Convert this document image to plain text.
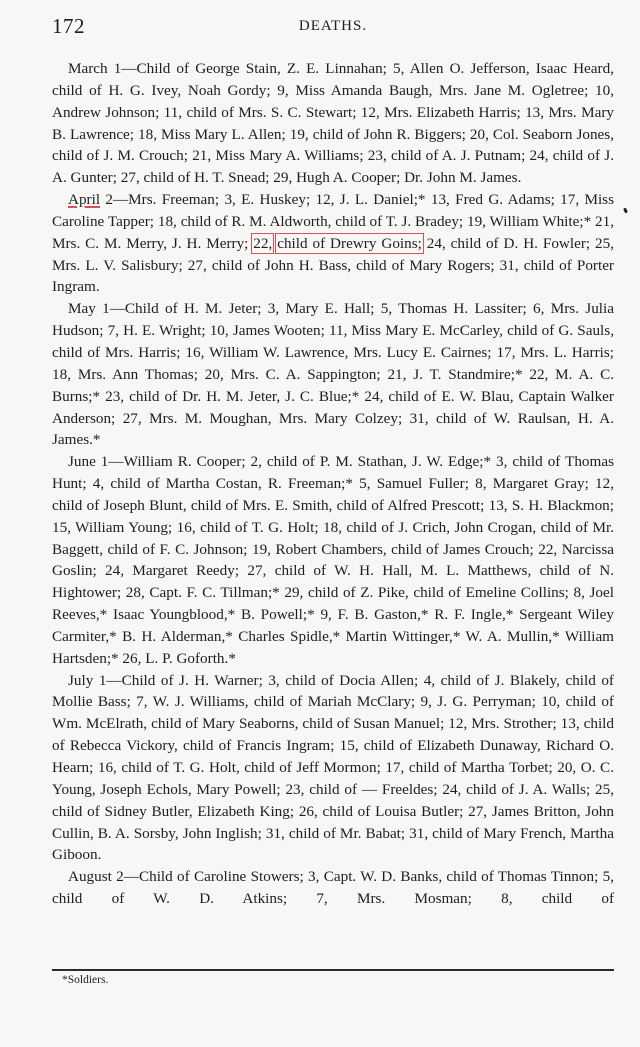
172	DEATHS.

March 1—Child of George Stain, Z. E. Linnahan; 5, Allen O. Jefferson, Isaac Heard, child of H. G. Ivey, Noah Gordy; 9, Miss Amanda Baugh, Mrs. Jane M. Ogletree; 10, Andrew Johnson; 11, child of Mrs. S. C. Stewart; 12, Mrs. Elizabeth Harris; 13, Mrs. Mary B. Lawrence; 18, Miss Mary L. Allen; 19, child of John R. Biggers; 20, Col. Seaborn Jones, child of J. M. Crouch; 21, Miss Mary A. Williams; 23, child of A. J. Putnam; 24, child of J. A. Gunter; 27, child of H. T. Snead; 29, Hugh A. Cooper; Dr. John M. James.

April 2—Mrs. Freeman; 3, E. Huskey; 12, J. L. Daniel;* 13, Fred G. Adams; 17, Miss Caroline Tapper; 18, child of R. M. Aldworth, child of T. J. Bradey; 19, William White;* 21, Mrs. C. M. Merry, J. H. Merry; 22, child of Drewry Goins; 24, child of D. H. Fowler; 25, Mrs. L. V. Salisbury; 27, child of John H. Bass, child of Mary Rogers; 31, child of Porter Ingram.

May 1—Child of H. M. Jeter; 3, Mary E. Hall; 5, Thomas H. Lassiter; 6, Mrs. Julia Hudson; 7, H. E. Wright; 10, James Wooten; 11, Miss Mary E. McCarley, child of G. Sauls, child of Mrs. Harris; 16, William W. Lawrence, Mrs. Lucy E. Cairnes; 17, Mrs. L. Harris; 18, Mrs. Ann Thomas; 20, Mrs. C. A. Sappington; 21, J. T. Standmire;* 22, M. A. C. Burns;* 23, child of Dr. H. M. Jeter, J. C. Blue;* 24, child of E. W. Blau, Captain Walker Anderson; 27, Mrs. M. Moughan, Mrs. Mary Colzey; 31, child of W. Raulsan, H. A. James.*

June 1—William R. Cooper; 2, child of P. M. Stathan, J. W. Edge;* 3, child of Thomas Hunt; 4, child of Martha Costan, R. Freeman;* 5, Samuel Fuller; 8, Margaret Gray; 12, child of Joseph Blunt, child of Mrs. E. Smith, child of Alfred Prescott; 13, S. H. Blackmon; 15, William Young; 16, child of T. G. Holt; 18, child of J. Crich, John Crogan, child of Mr. Baggett, child of F. C. Johnson; 19, Robert Chambers, child of James Crouch; 22, Narcissa Goslin; 24, Margaret Reedy; 27, child of W. H. Hall, M. L. Matthews, child of N. Hightower; 28, Capt. F. C. Tillman;* 29, child of Z. Pike, child of Emeline Collins; 8, Joel Reeves,* Isaac Youngblood,* B. Powell;* 9, F. B. Gaston,* R. F. Ingle,* Sergeant Wiley Carmiter,* B. H. Alderman,* Charles Spidle,* Martin Wittinger,* W. A. Mullin,* William Hartsden;* 26, L. P. Goforth.*

July 1—Child of J. H. Warner; 3, child of Docia Allen; 4, child of J. Blakely, child of Mollie Bass; 7, W. J. Williams, child of Mariah McClary; 9, J. G. Perryman; 10, child of Wm. McElrath, child of Mary Seaborns, child of Susan Manuel; 12, Mrs. Strother; 13, child of Rebecca Vickory, child of Francis Ingram; 15, child of Elizabeth Dunaway, Richard O. Hearn; 16, child of T. G. Holt, child of Jeff Mormon; 17, child of Martha Torbet; 20, O. C. Young, Joseph Echols, Mary Powell; 23, child of — Freeldes; 24, child of J. A. Walls; 25, child of Sidney Butler, Elizabeth King; 26, child of Louisa Butler; 27, James Britton, John Cullin, B. A. Sorsby, John Inglish; 31, child of Mr. Babat; 31, child of Mary French, Martha Giboon.

August 2—Child of Caroline Stowers; 3, Capt. W. D. Banks, child of Thomas Tinnon; 5, child of W. D. Atkins; 7, Mrs. Mosman; 8, child of

*Soldiers.
